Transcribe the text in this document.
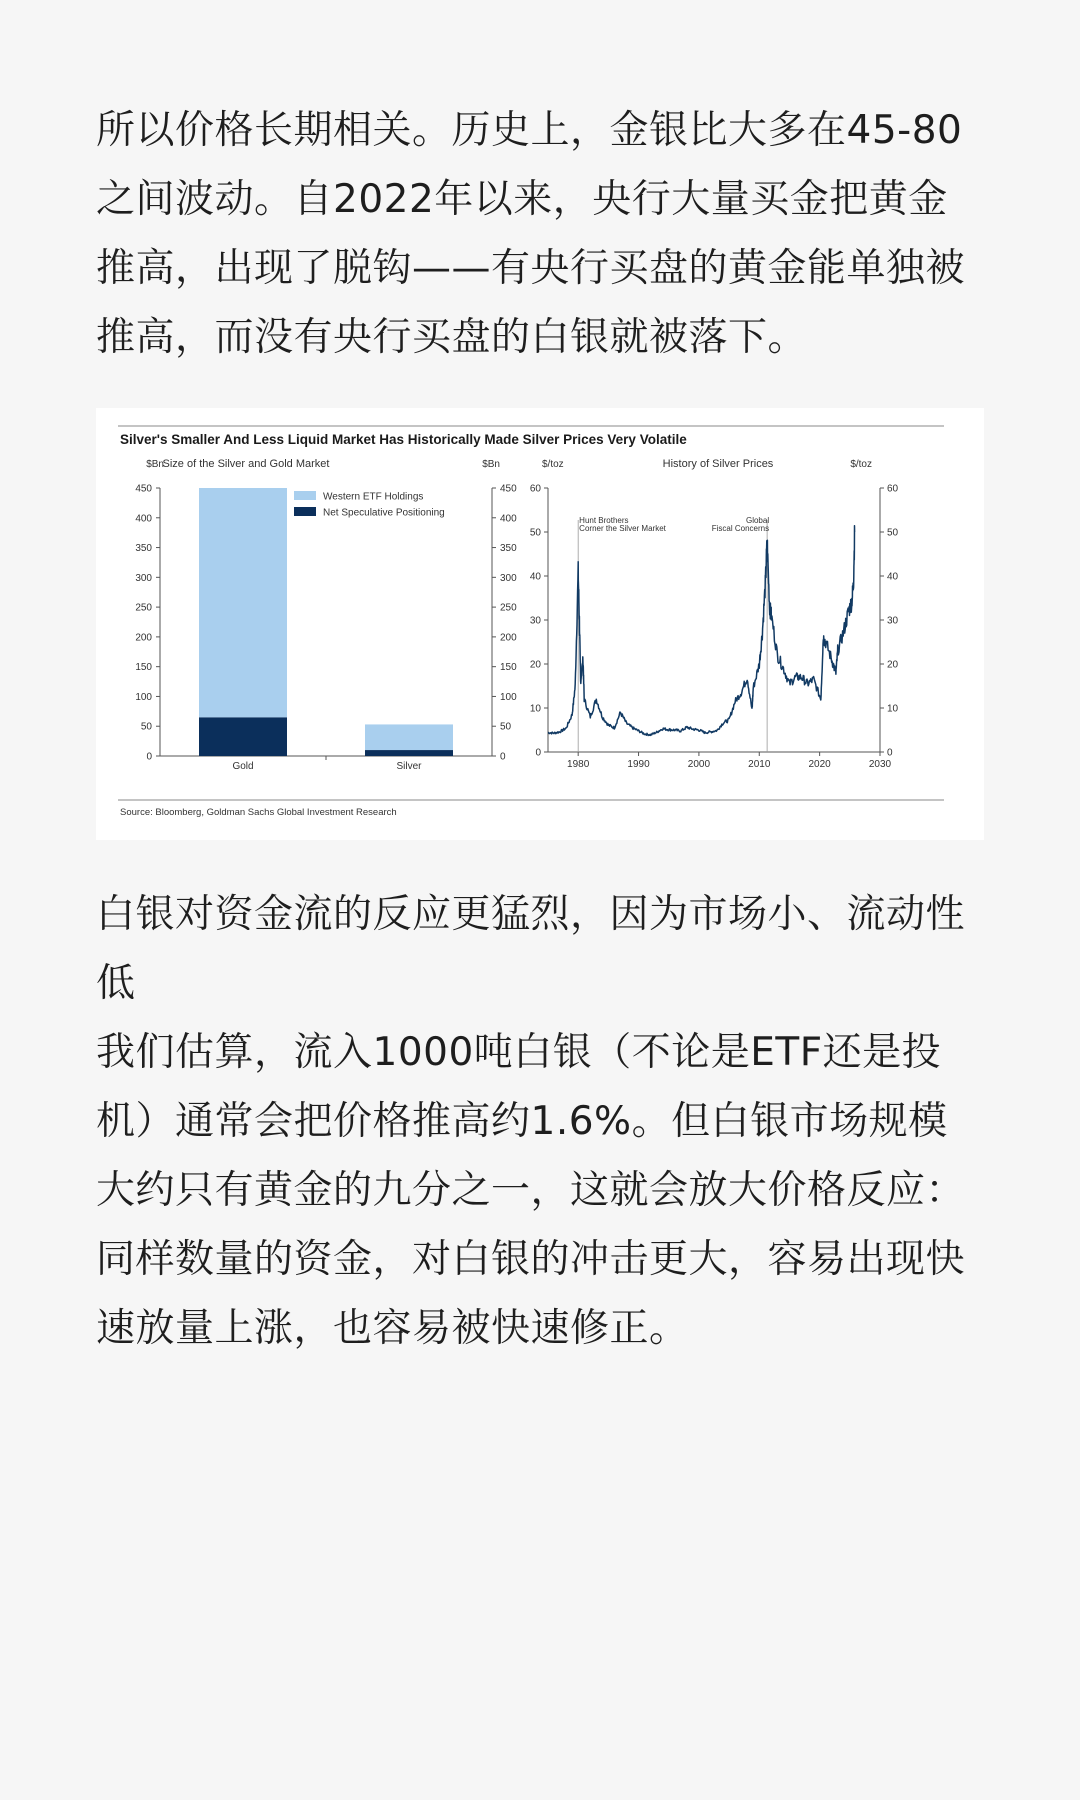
所以价格长期相关。历史上，金银比大多在45-80
之间波动。自2022年以来，央行大量买金把黄金
推高，出现了脱钩——有央行买盘的黄金能单独被
推高，而没有央行买盘的白银就被落下。
Silver's Smaller And Less Liquid Market Has Historically Made Silver Prices Very Volatile
Source: Bloomberg, Goldman Sachs Global Investment Research
Size of the Silver and Gold Market
$Bn	$Bn
0	0
50	50
100	100
150	150
200	200
250	250
300	300
350	350
400	400
450	450
Gold	Silver
Western ETF Holdings
Net Speculative Positioning
History of Silver Prices
$/toz	$/toz
0	0
10	10
20	20
30	30
40	40
50	50
60	60
1980	1990	2000	2010	2020	2030
Hunt Brothers
Corner the Silver Market
Global
Fiscal Concerns
白银对资金流的反应更猛烈，因为市场小、流动性
低
我们估算，流入1000吨白银（不论是ETF还是投
机）通常会把价格推高约1.6%。但白银市场规模
大约只有黄金的九分之一，这就会放大价格反应：
同样数量的资金，对白银的冲击更大，容易出现快
速放量上涨，也容易被快速修正。
